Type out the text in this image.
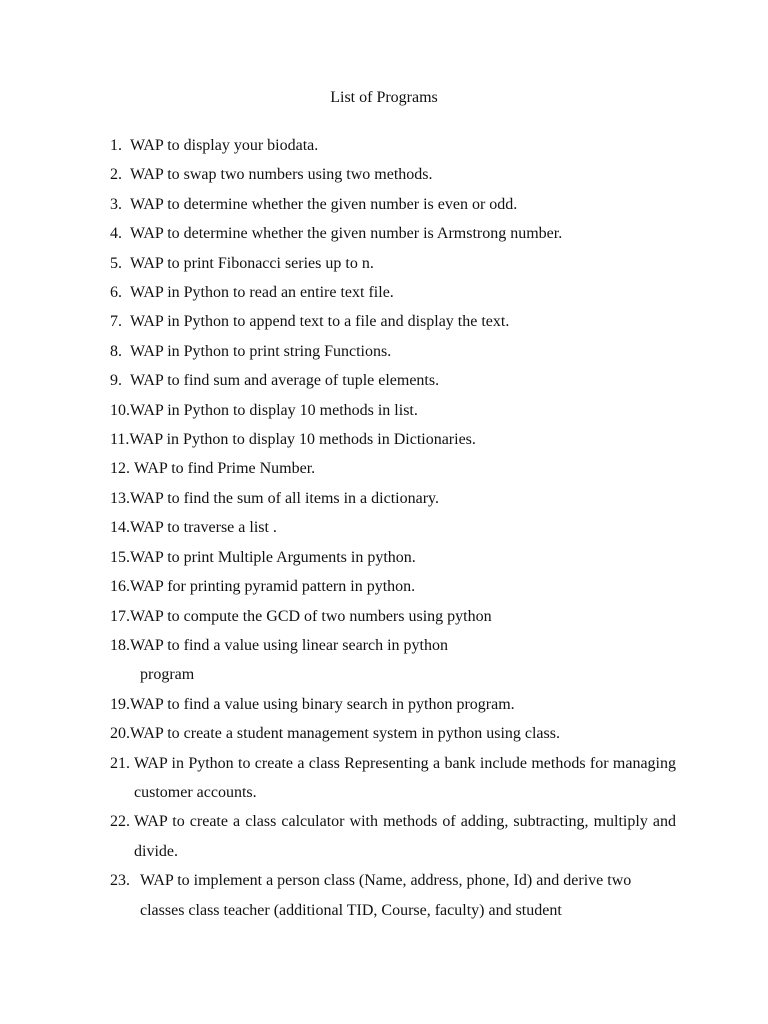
List of Programs
1. WAP to display your biodata.
2. WAP to swap two numbers using two methods.
3. WAP to determine whether the given number is even or odd.
4. WAP to determine whether the given number is Armstrong number.
5. WAP to print Fibonacci series up to n.
6. WAP in Python to read an entire text file.
7. WAP in Python to append text to a file and display the text.
8. WAP in Python to print string Functions.
9. WAP to find sum and average of tuple elements.
10.WAP in Python to display 10 methods in list.
11.WAP in Python to display 10 methods in Dictionaries.
12. WAP to find Prime Number.
13.WAP to find the sum of all items in a dictionary.
14.WAP to traverse a list .
15.WAP to print Multiple Arguments in python.
16.WAP for printing pyramid pattern in python.
17.WAP to compute the GCD of two numbers using python
18.WAP to find a value using linear search in python
program
19.WAP to find a value using binary search in python program.
20.WAP to create a student management system in python using class.
21. WAP in Python to create a class Representing a bank include methods for managing customer accounts.
22. WAP to create a class calculator with methods of adding, subtracting, multiply and divide.
23. WAP to implement a person class (Name, address, phone, Id) and derive two classes class teacher (additional TID, Course, faculty) and student
